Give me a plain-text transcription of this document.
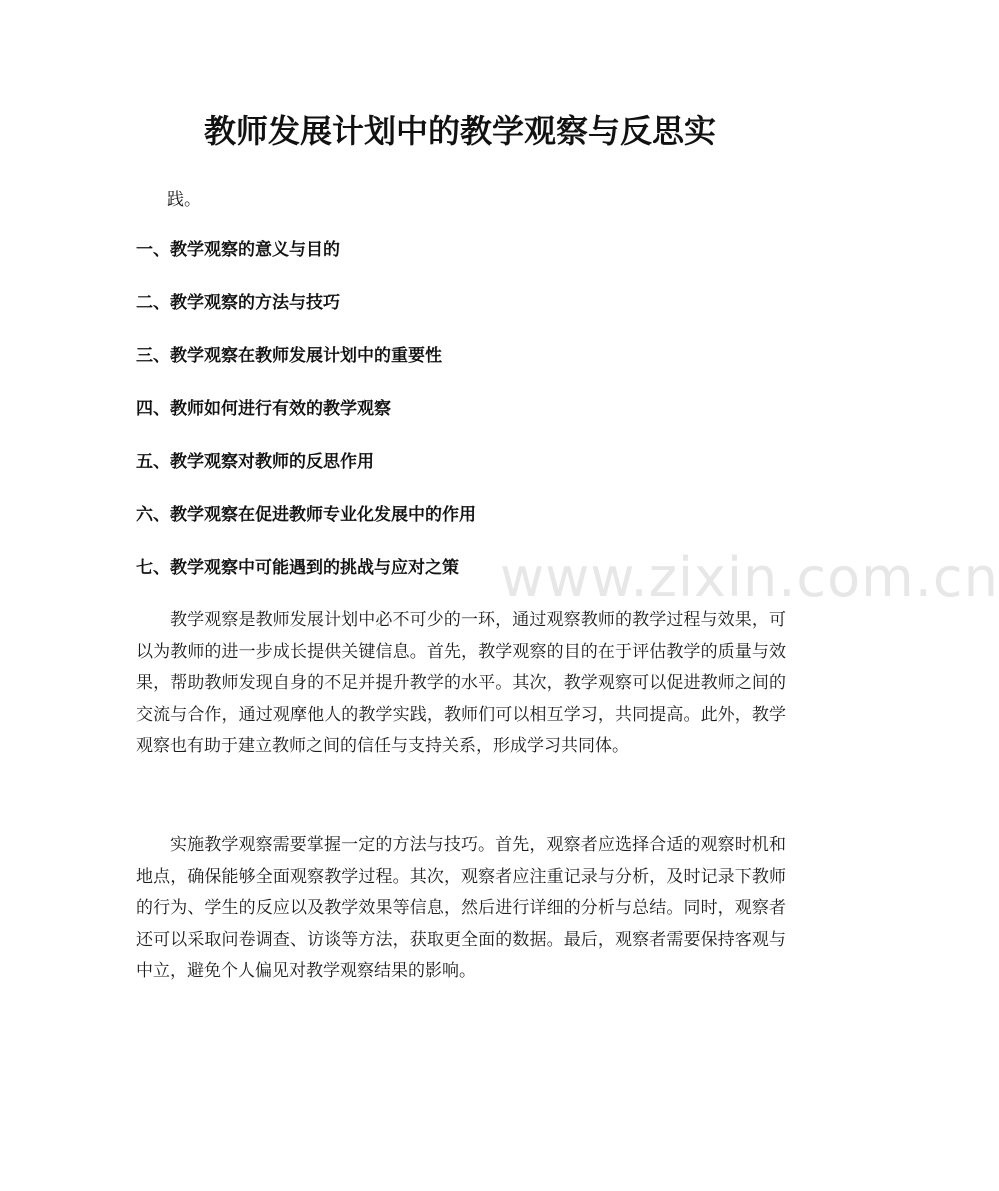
教师发展计划中的教学观察与反思实

践。

一、教学观察的意义与目的
二、教学观察的方法与技巧
三、教学观察在教师发展计划中的重要性
四、教师如何进行有效的教学观察
五、教学观察对教师的反思作用
六、教学观察在促进教师专业化发展中的作用
七、教学观察中可能遇到的挑战与应对之策 www.zixin.com.cn

教学观察是教师发展计划中必不可少的一环，通过观察教师的教学过程与效果，可以为教师的进一步成长提供关键信息。首先，教学观察的目的在于评估教学的质量与效果，帮助教师发现自身的不足并提升教学的水平。其次，教学观察可以促进教师之间的交流与合作，通过观摩他人的教学实践，教师们可以相互学习，共同提高。此外，教学观察也有助于建立教师之间的信任与支持关系，形成学习共同体。

实施教学观察需要掌握一定的方法与技巧。首先，观察者应选择合适的观察时机和地点，确保能够全面观察教学过程。其次，观察者应注重记录与分析，及时记录下教师的行为、学生的反应以及教学效果等信息，然后进行详细的分析与总结。同时，观察者还可以采取问卷调查、访谈等方法，获取更全面的数据。最后，观察者需要保持客观与中立，避免个人偏见对教学观察结果的影响。
